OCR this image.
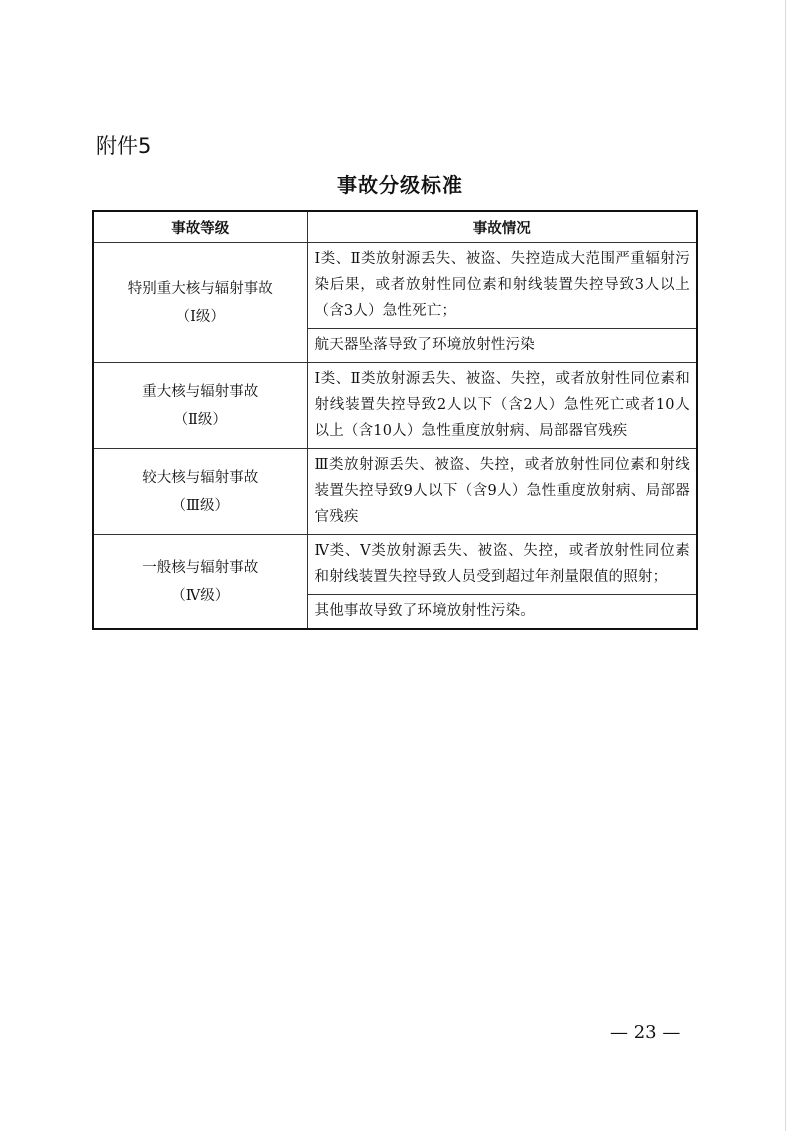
附件5
事故分级标准
事故等级	事故情况

特别重大核与辐射事故
（I级）	I类、Ⅱ类放射源丢失、被盗、失控造成大范围严重辐射污染后果，或者放射性同位素和射线装置失控导致3人以上（含3人）急性死亡；
	航天器坠落导致了环境放射性污染

重大核与辐射事故
（Ⅱ级）	I类、Ⅱ类放射源丢失、被盗、失控，或者放射性同位素和射线装置失控导致2人以下（含2人）急性死亡或者10人以上（含10人）急性重度放射病、局部器官残疾

较大核与辐射事故
（Ⅲ级）	Ⅲ类放射源丢失、被盗、失控，或者放射性同位素和射线装置失控导致9人以下（含9人）急性重度放射病、局部器官残疾

一般核与辐射事故
（Ⅳ级）	Ⅳ类、Ⅴ类放射源丢失、被盗、失控，或者放射性同位素和射线装置失控导致人员受到超过年剂量限值的照射；
	其他事故导致了环境放射性污染。
— 23 —
